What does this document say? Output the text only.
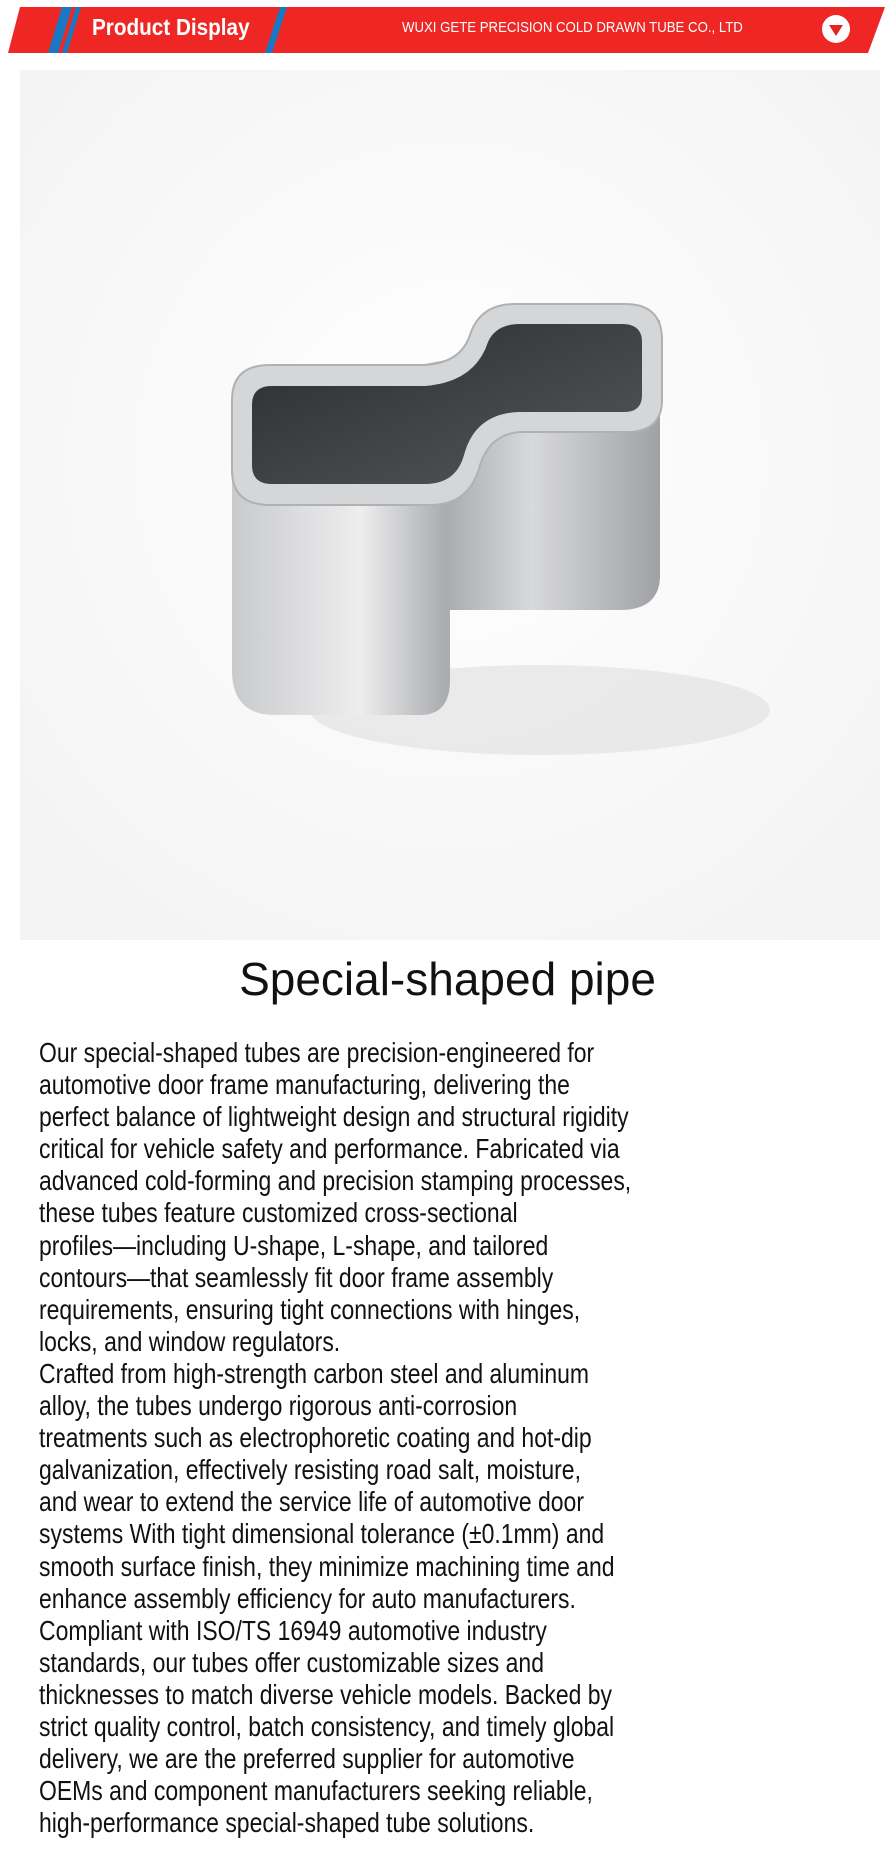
Product Display	WUXI GETE PRECISION COLD DRAWN TUBE CO., LTD
Special-shaped pipe
Our special-shaped tubes are precision-engineered for
automotive door frame manufacturing, delivering the
perfect balance of lightweight design and structural rigidity
critical for vehicle safety and performance. Fabricated via
advanced cold-forming and precision stamping processes,
these tubes feature customized cross-sectional
profiles—including U-shape, L-shape, and tailored
contours—that seamlessly fit door frame assembly
requirements, ensuring tight connections with hinges,
locks, and window regulators.
Crafted from high-strength carbon steel and aluminum
alloy, the tubes undergo rigorous anti-corrosion
treatments such as electrophoretic coating and hot-dip
galvanization, effectively resisting road salt, moisture,
and wear to extend the service life of automotive door
systems With tight dimensional tolerance (±0.1mm) and
smooth surface finish, they minimize machining time and
enhance assembly efficiency for auto manufacturers.
Compliant with ISO/TS 16949 automotive industry
standards, our tubes offer customizable sizes and
thicknesses to match diverse vehicle models. Backed by
strict quality control, batch consistency, and timely global
delivery, we are the preferred supplier for automotive
OEMs and component manufacturers seeking reliable,
high-performance special-shaped tube solutions.
